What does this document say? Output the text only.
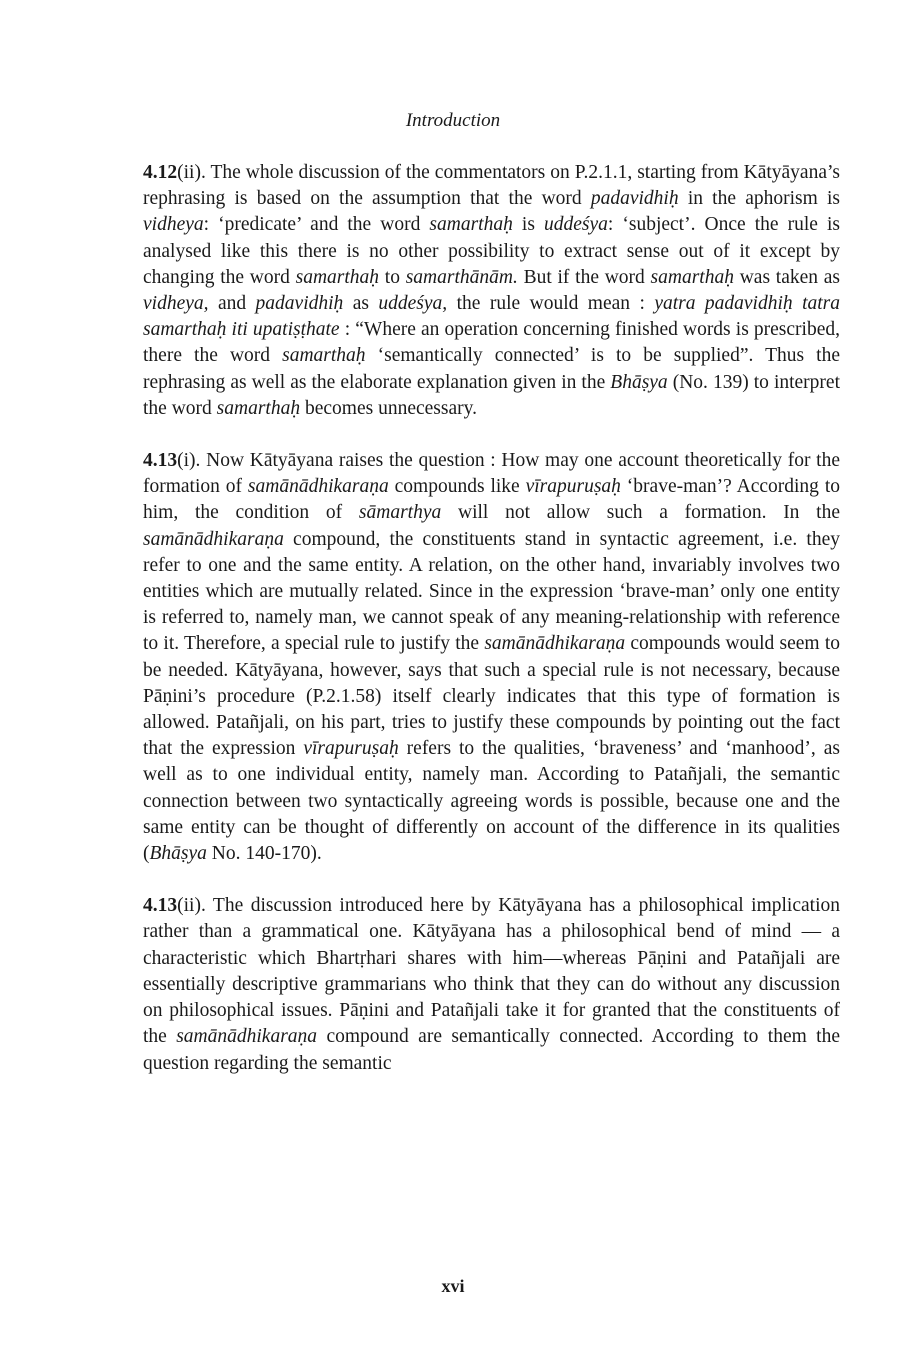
Introduction

4.12(ii). The whole discussion of the commentators on P.2.1.1, starting from Kātyāyana’s rephrasing is based on the assumption that the word padavidhiḥ in the aphorism is vidheya: ‘predicate’ and the word samarthaḥ is uddeśya: ‘subject’. Once the rule is analysed like this there is no other possibility to extract sense out of it except by changing the word samarthaḥ to samarthānām. But if the word samarthaḥ was taken as vidheya, and padavidhiḥ as uddeśya, the rule would mean : yatra padavidhiḥ tatra samarthaḥ iti upatiṣṭhate : “Where an operation concerning finished words is prescribed, there the word samarthaḥ ‘semantically connected’ is to be supplied”. Thus the rephrasing as well as the elaborate explanation given in the Bhāṣya (No. 139) to interpret the word samarthaḥ becomes unnecessary.

4.13(i). Now Kātyāyana raises the question : How may one account theoretically for the formation of samānādhikaraṇa compounds like vīrapuruṣaḥ ‘brave-man’? According to him, the condition of sāmarthya will not allow such a formation. In the samānādhikaraṇa compound, the constituents stand in syntactic agreement, i.e. they refer to one and the same entity. A relation, on the other hand, invariably involves two entities which are mutually related. Since in the expression ‘brave-man’ only one entity is referred to, namely man, we cannot speak of any meaning-relationship with reference to it. Therefore, a special rule to justify the samānādhikaraṇa compounds would seem to be needed. Kātyāyana, however, says that such a special rule is not necessary, because Pāṇini’s procedure (P.2.1.58) itself clearly indicates that this type of formation is allowed. Patañjali, on his part, tries to justify these compounds by pointing out the fact that the expression vīrapuruṣaḥ refers to the qualities, ‘braveness’ and ‘manhood’, as well as to one individual entity, namely man. According to Patañjali, the semantic connection between two syntactically agreeing words is possible, because one and the same entity can be thought of differently on account of the difference in its qualities (Bhāṣya No. 140-170).

4.13(ii). The discussion introduced here by Kātyāyana has a philosophical implication rather than a grammatical one. Kātyāyana has a philosophical bend of mind — a characteristic which Bhartṛhari shares with him—whereas Pāṇini and Patañjali are essentially descriptive grammarians who think that they can do without any discussion on philosophical issues. Pāṇini and Patañjali take it for granted that the constituents of the samānādhikaraṇa compound are semantically connected. According to them the question regarding the semantic

xvi
